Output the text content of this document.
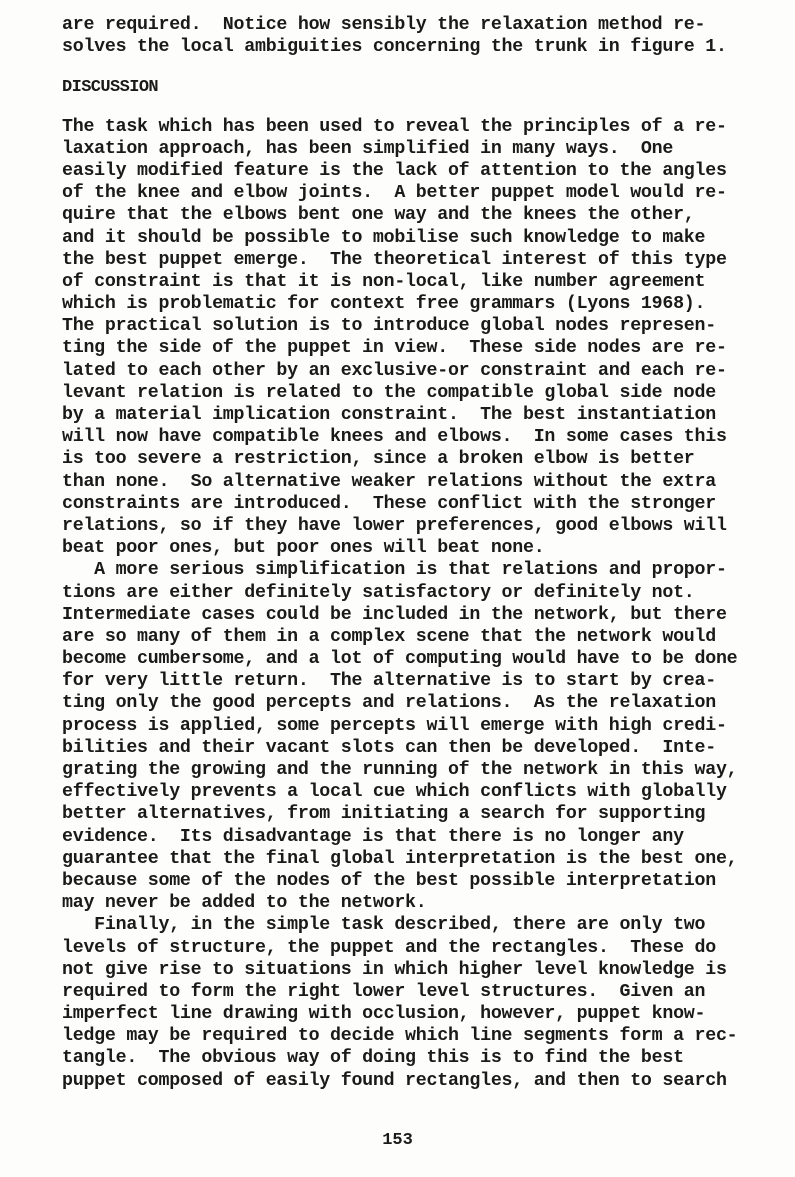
are required.  Notice how sensibly the relaxation method re-
solves the local ambiguities concerning the trunk in figure 1.
DISCUSSION
The task which has been used to reveal the principles of a re-
laxation approach, has been simplified in many ways.  One
easily modified feature is the lack of attention to the angles
of the knee and elbow joints.  A better puppet model would re-
quire that the elbows bent one way and the knees the other,
and it should be possible to mobilise such knowledge to make
the best puppet emerge.  The theoretical interest of this type
of constraint is that it is non-local, like number agreement
which is problematic for context free grammars (Lyons 1968).
The practical solution is to introduce global nodes represen-
ting the side of the puppet in view.  These side nodes are re-
lated to each other by an exclusive-or constraint and each re-
levant relation is related to the compatible global side node
by a material implication constraint.  The best instantiation
will now have compatible knees and elbows.  In some cases this
is too severe a restriction, since a broken elbow is better
than none.  So alternative weaker relations without the extra
constraints are introduced.  These conflict with the stronger
relations, so if they have lower preferences, good elbows will
beat poor ones, but poor ones will beat none.
A more serious simplification is that relations and propor-
tions are either definitely satisfactory or definitely not.
Intermediate cases could be included in the network, but there
are so many of them in a complex scene that the network would
become cumbersome, and a lot of computing would have to be done
for very little return.  The alternative is to start by crea-
ting only the good percepts and relations.  As the relaxation
process is applied, some percepts will emerge with high credi-
bilities and their vacant slots can then be developed.  Inte-
grating the growing and the running of the network in this way,
effectively prevents a local cue which conflicts with globally
better alternatives, from initiating a search for supporting
evidence.  Its disadvantage is that there is no longer any
guarantee that the final global interpretation is the best one,
because some of the nodes of the best possible interpretation
may never be added to the network.
Finally, in the simple task described, there are only two
levels of structure, the puppet and the rectangles.  These do
not give rise to situations in which higher level knowledge is
required to form the right lower level structures.  Given an
imperfect line drawing with occlusion, however, puppet know-
ledge may be required to decide which line segments form a rec-
tangle.  The obvious way of doing this is to find the best
puppet composed of easily found rectangles, and then to search
153
